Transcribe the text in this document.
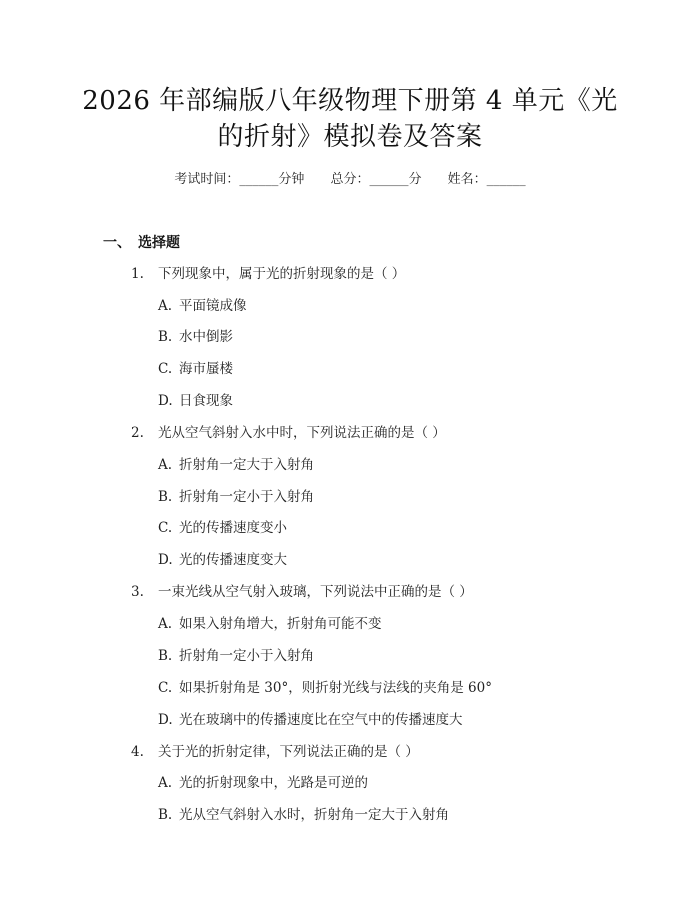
2026 年部编版八年级物理下册第 4 单元《光
的折射》模拟卷及答案
考试时间：______分钟 总分：______分 姓名：______
一、 选择题
1. 下列现象中，属于光的折射现象的是（ ）
A. 平面镜成像
B. 水中倒影
C. 海市蜃楼
D. 日食现象
2. 光从空气斜射入水中时，下列说法正确的是（ ）
A. 折射角一定大于入射角
B. 折射角一定小于入射角
C. 光的传播速度变小
D. 光的传播速度变大
3. 一束光线从空气射入玻璃，下列说法中正确的是（ ）
A. 如果入射角增大，折射角可能不变
B. 折射角一定小于入射角
C. 如果折射角是 30°，则折射光线与法线的夹角是 60°
D. 光在玻璃中的传播速度比在空气中的传播速度大
4. 关于光的折射定律，下列说法正确的是（ ）
A. 光的折射现象中，光路是可逆的
B. 光从空气斜射入水时，折射角一定大于入射角
